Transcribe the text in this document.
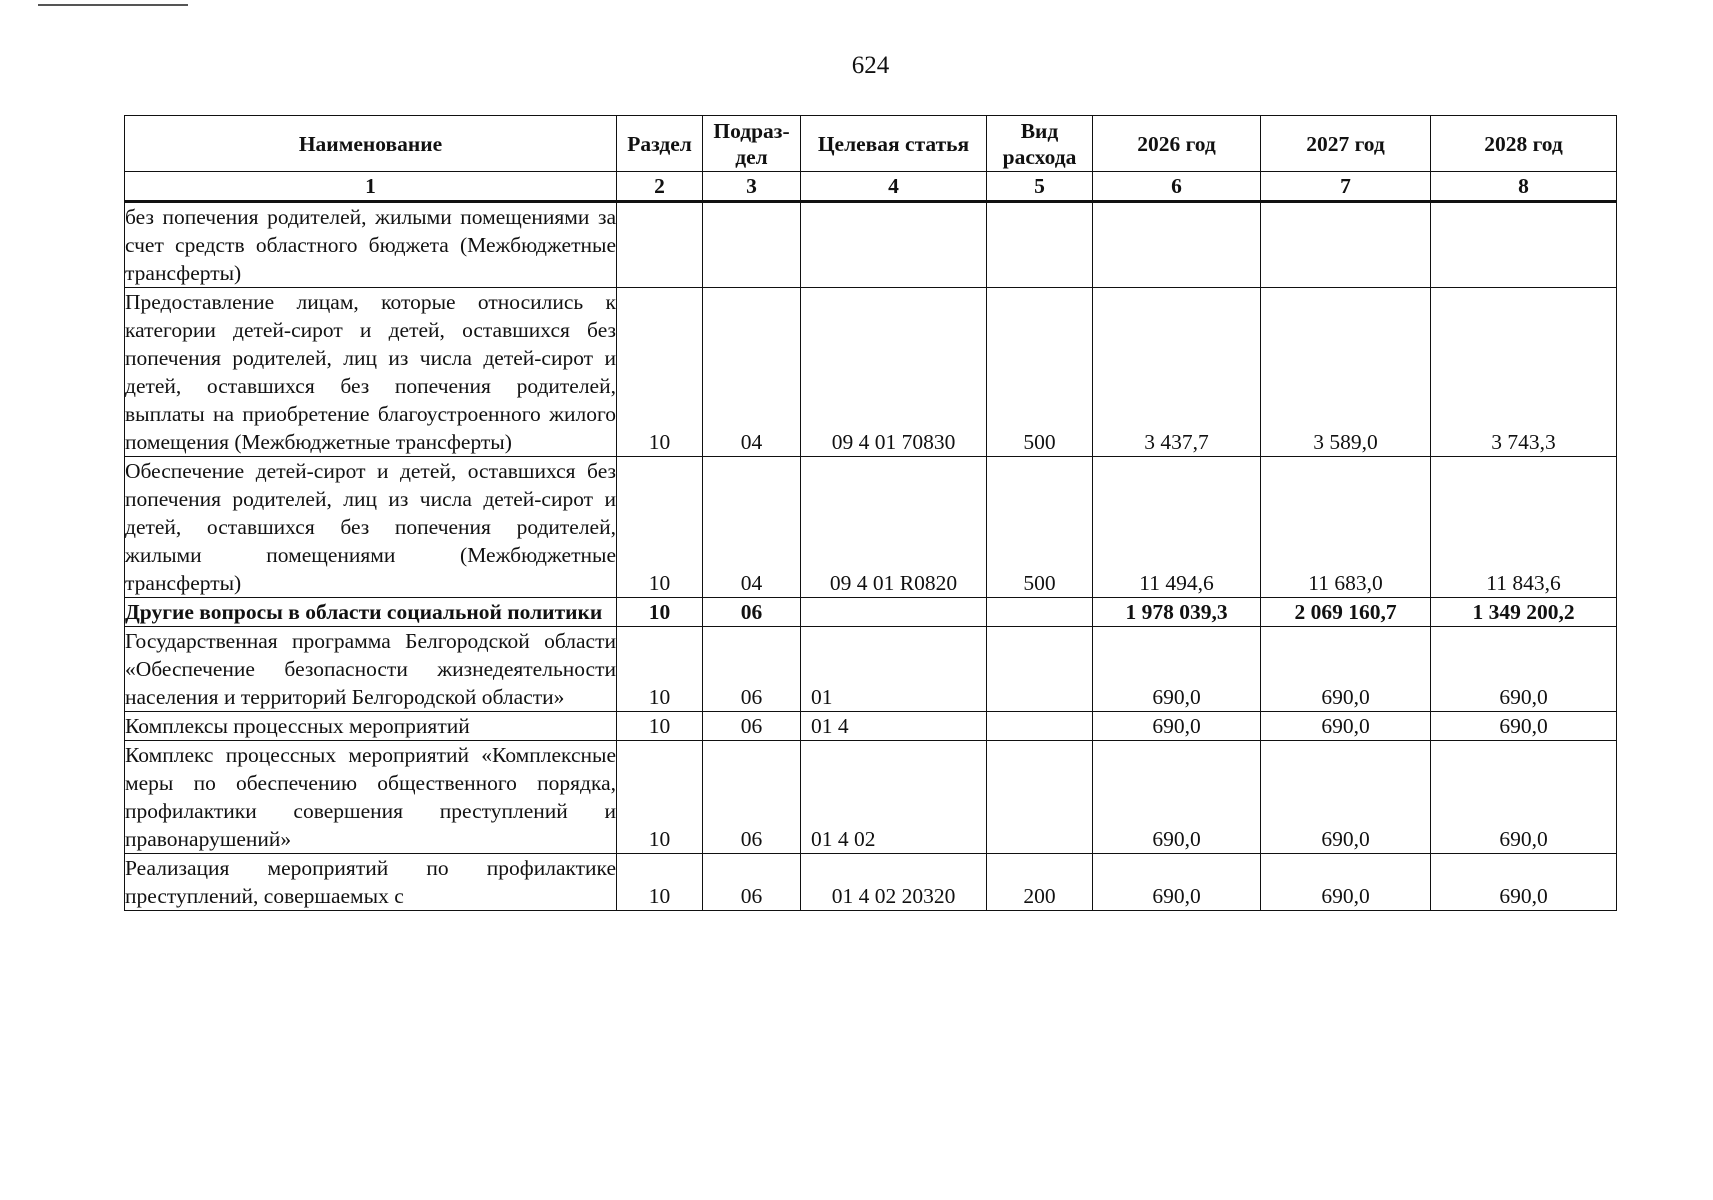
624
Наименование	Раздел	Подраз-дел	Целевая статья	Вид расхода	2026 год	2027 год	2028 год
1	2	3	4	5	6	7	8
без попечения родителей, жилыми помещениями за счет средств областного бюджета (Межбюджетные трансферты)							
Предоставление лицам, которые относились к категории детей-сирот и детей, оставшихся без попечения родителей, лиц из числа детей-сирот и детей, оставшихся без попечения родителей, выплаты на приобретение благоустроенного жилого помещения (Межбюджетные трансферты)	10	04	09 4 01 70830	500	3 437,7	3 589,0	3 743,3
Обеспечение детей-сирот и детей, оставшихся без попечения родителей, лиц из числа детей-сирот и детей, оставшихся без попечения родителей, жилыми помещениями (Межбюджетные трансферты)	10	04	09 4 01 R0820	500	11 494,6	11 683,0	11 843,6
Другие вопросы в области социальной политики	10	06			1 978 039,3	2 069 160,7	1 349 200,2
Государственная программа Белгородской области «Обеспечение безопасности жизнедеятельности населения и территорий Белгородской области»	10	06	01		690,0	690,0	690,0
Комплексы процессных мероприятий	10	06	01 4		690,0	690,0	690,0
Комплекс процессных мероприятий «Комплексные меры по обеспечению общественного порядка, профилактики совершения преступлений и правонарушений»	10	06	01 4 02		690,0	690,0	690,0
Реализация мероприятий по профилактике преступлений, совершаемых с	10	06	01 4 02 20320	200	690,0	690,0	690,0
